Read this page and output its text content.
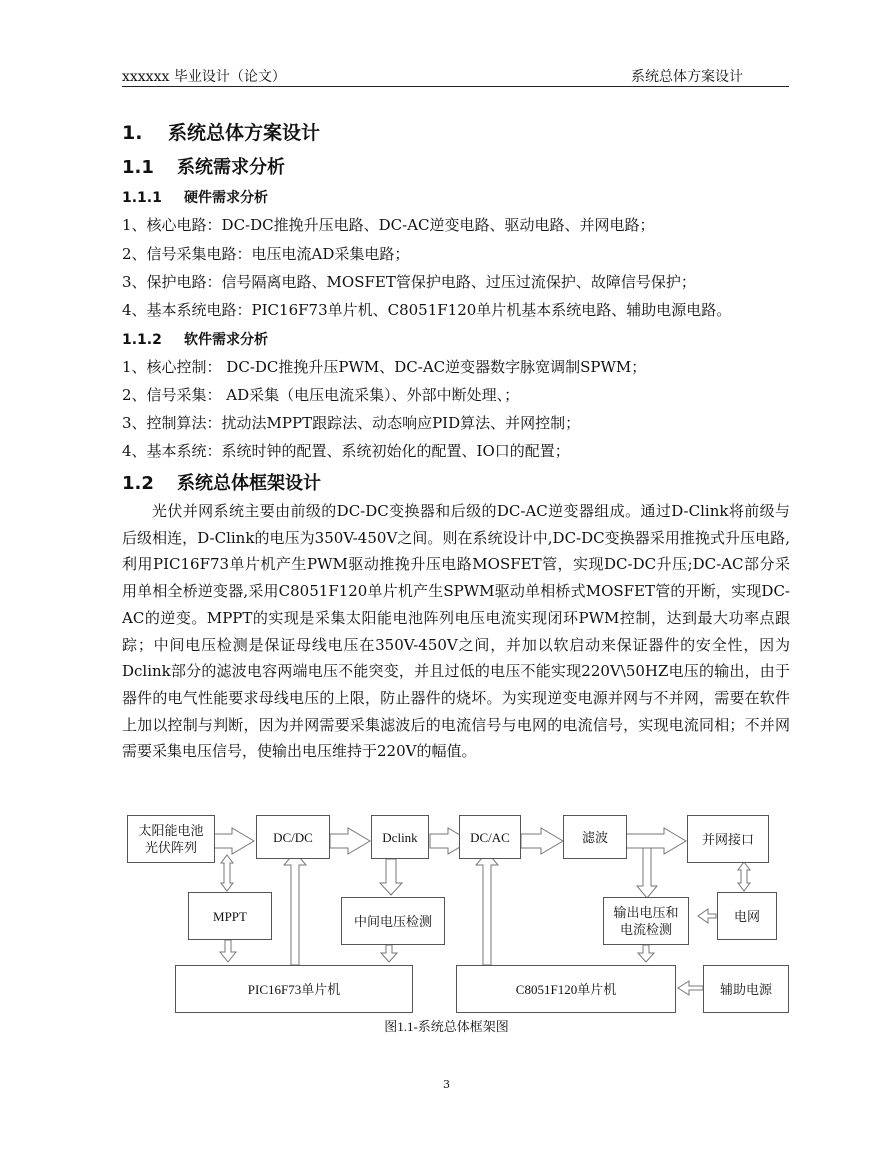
xxxxxx 毕业设计（论文）	系统总体方案设计
1. 系统总体方案设计
1.1 系统需求分析
1.1.1 硬件需求分析
1、核心电路：DC-DC推挽升压电路、DC-AC逆变电路、驱动电路、并网电路；
2、信号采集电路：电压电流AD采集电路；
3、保护电路：信号隔离电路、MOSFET管保护电路、过压过流保护、故障信号保护；
4、基本系统电路：PIC16F73单片机、C8051F120单片机基本系统电路、辅助电源电路。
1.1.2 软件需求分析
1、核心控制： DC-DC推挽升压PWM、DC-AC逆变器数字脉宽调制SPWM；
2、信号采集： AD采集（电压电流采集）、外部中断处理、；
3、控制算法：扰动法MPPT跟踪法、动态响应PID算法、并网控制；
4、基本系统：系统时钟的配置、系统初始化的配置、IO口的配置；
1.2 系统总体框架设计
光伏并网系统主要由前级的DC-DC变换器和后级的DC-AC逆变器组成。通过D-Clink将前级与后级相连，D-Clink的电压为350V-450V之间。则在系统设计中,DC-DC变换器采用推挽式升压电路,利用PIC16F73单片机产生PWM驱动推挽升压电路MOSFET管，实现DC-DC升压;DC-AC部分采用单相全桥逆变器,采用C8051F120单片机产生SPWM驱动单相桥式MOSFET管的开断，实现DC-AC的逆变。MPPT的实现是采集太阳能电池阵列电压电流实现闭环PWM控制，达到最大功率点跟踪；中间电压检测是保证母线电压在350V-450V之间，并加以软启动来保证器件的安全性，因为Dclink部分的滤波电容两端电压不能突变，并且过低的电压不能实现220V\50HZ电压的输出，由于器件的电气性能要求母线电压的上限，防止器件的烧坏。为实现逆变电源并网与不并网，需要在软件上加以控制与判断，因为并网需要采集滤波后的电流信号与电网的电流信号，实现电流同相；不并网需要采集电压信号，使输出电压维持于220V的幅值。
太阳能电池
光伏阵列
DC/DC	Dclink	DC/AC	滤波	并网接口
MPPT	中间电压检测
输出电压和
电流检测
电网
PIC16F73单片机	C8051F120单片机	辅助电源
图1.1-系统总体框架图
3
